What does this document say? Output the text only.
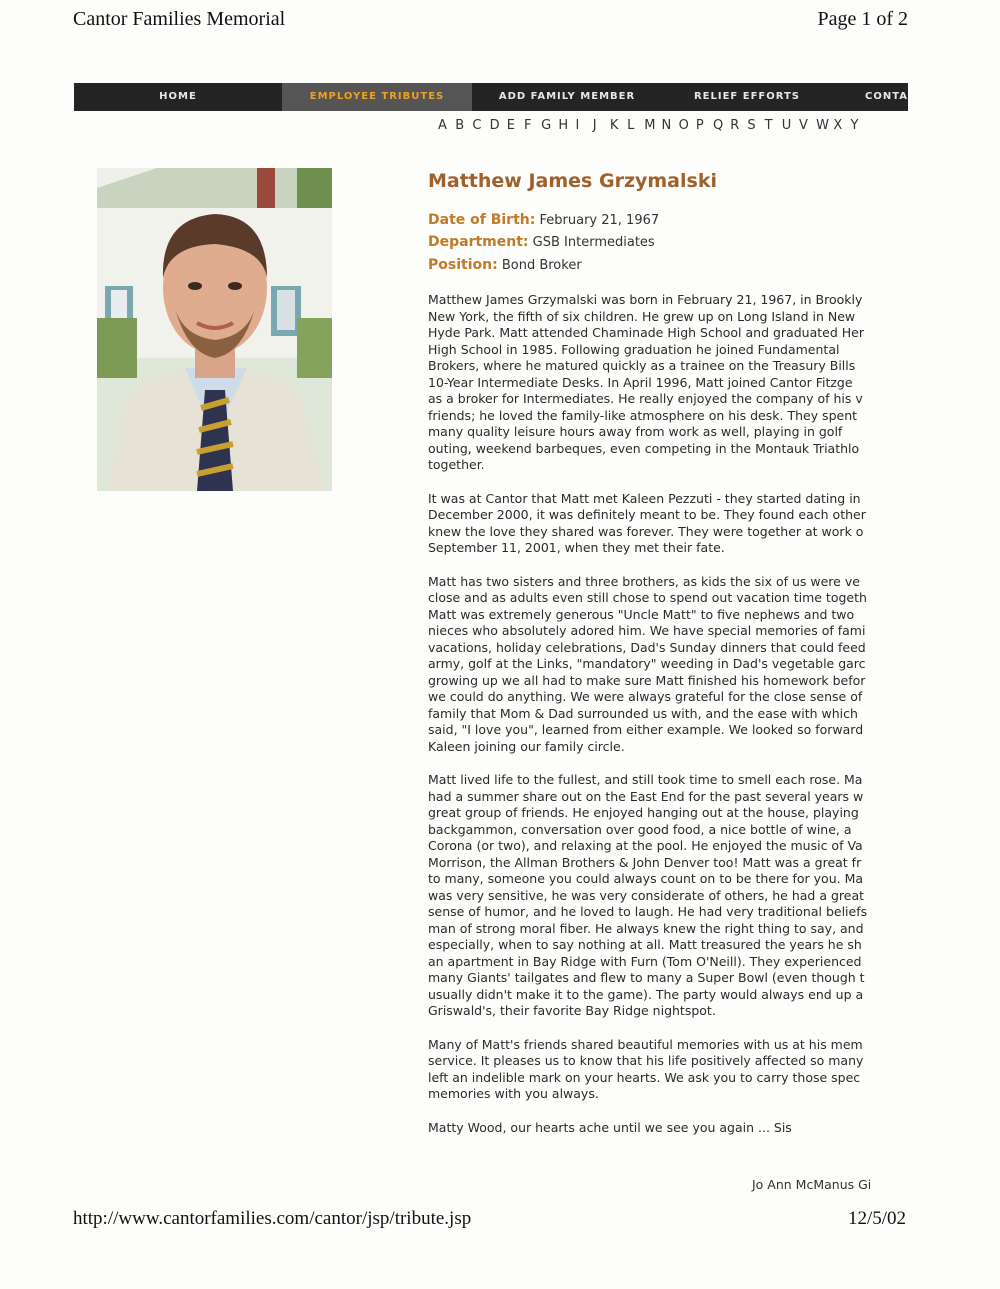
Cantor Families Memorial	Page 1 of 2
HOME	EMPLOYEE TRIBUTES	ADD FAMILY MEMBER	RELIEF EFFORTS	CONTA
A B C D E F G H I J K L M N O P Q R S T U V W X Y
Matthew James Grzymalski
Date of Birth: February 21, 1967
Department: GSB Intermediates
Position: Bond Broker

Matthew James Grzymalski was born in February 21, 1967, in Brookly
New York, the fifth of six children. He grew up on Long Island in New
Hyde Park. Matt attended Chaminade High School and graduated Her
High School in 1985. Following graduation he joined Fundamental
Brokers, where he matured quickly as a trainee on the Treasury Bills
10-Year Intermediate Desks. In April 1996, Matt joined Cantor Fitzge
as a broker for Intermediates. He really enjoyed the company of his v
friends; he loved the family-like atmosphere on his desk. They spent
many quality leisure hours away from work as well, playing in golf
outing, weekend barbeques, even competing in the Montauk Triathlo
together.

It was at Cantor that Matt met Kaleen Pezzuti - they started dating in
December 2000, it was definitely meant to be. They found each other
knew the love they shared was forever. They were together at work o
September 11, 2001, when they met their fate.

Matt has two sisters and three brothers, as kids the six of us were ve
close and as adults even still chose to spend out vacation time togeth
Matt was extremely generous "Uncle Matt" to five nephews and two
nieces who absolutely adored him. We have special memories of fami
vacations, holiday celebrations, Dad's Sunday dinners that could feed
army, golf at the Links, "mandatory" weeding in Dad's vegetable garc
growing up we all had to make sure Matt finished his homework befor
we could do anything. We were always grateful for the close sense of
family that Mom & Dad surrounded us with, and the ease with which
said, "I love you", learned from either example. We looked so forward
Kaleen joining our family circle.

Matt lived life to the fullest, and still took time to smell each rose. Ma
had a summer share out on the East End for the past several years w
great group of friends. He enjoyed hanging out at the house, playing
backgammon, conversation over good food, a nice bottle of wine, a
Corona (or two), and relaxing at the pool. He enjoyed the music of Va
Morrison, the Allman Brothers & John Denver too! Matt was a great fr
to many, someone you could always count on to be there for you. Ma
was very sensitive, he was very considerate of others, he had a great
sense of humor, and he loved to laugh. He had very traditional beliefs
man of strong moral fiber. He always knew the right thing to say, and
especially, when to say nothing at all. Matt treasured the years he sh
an apartment in Bay Ridge with Furn (Tom O'Neill). They experienced
many Giants' tailgates and flew to many a Super Bowl (even though t
usually didn't make it to the game). The party would always end up a
Griswald's, their favorite Bay Ridge nightspot.

Many of Matt's friends shared beautiful memories with us at his mem
service. It pleases us to know that his life positively affected so many
left an indelible mark on your hearts. We ask you to carry those spec
memories with you always.

Matty Wood, our hearts ache until we see you again ... Sis

Jo Ann McManus Gi
http://www.cantorfamilies.com/cantor/jsp/tribute.jsp	12/5/02
